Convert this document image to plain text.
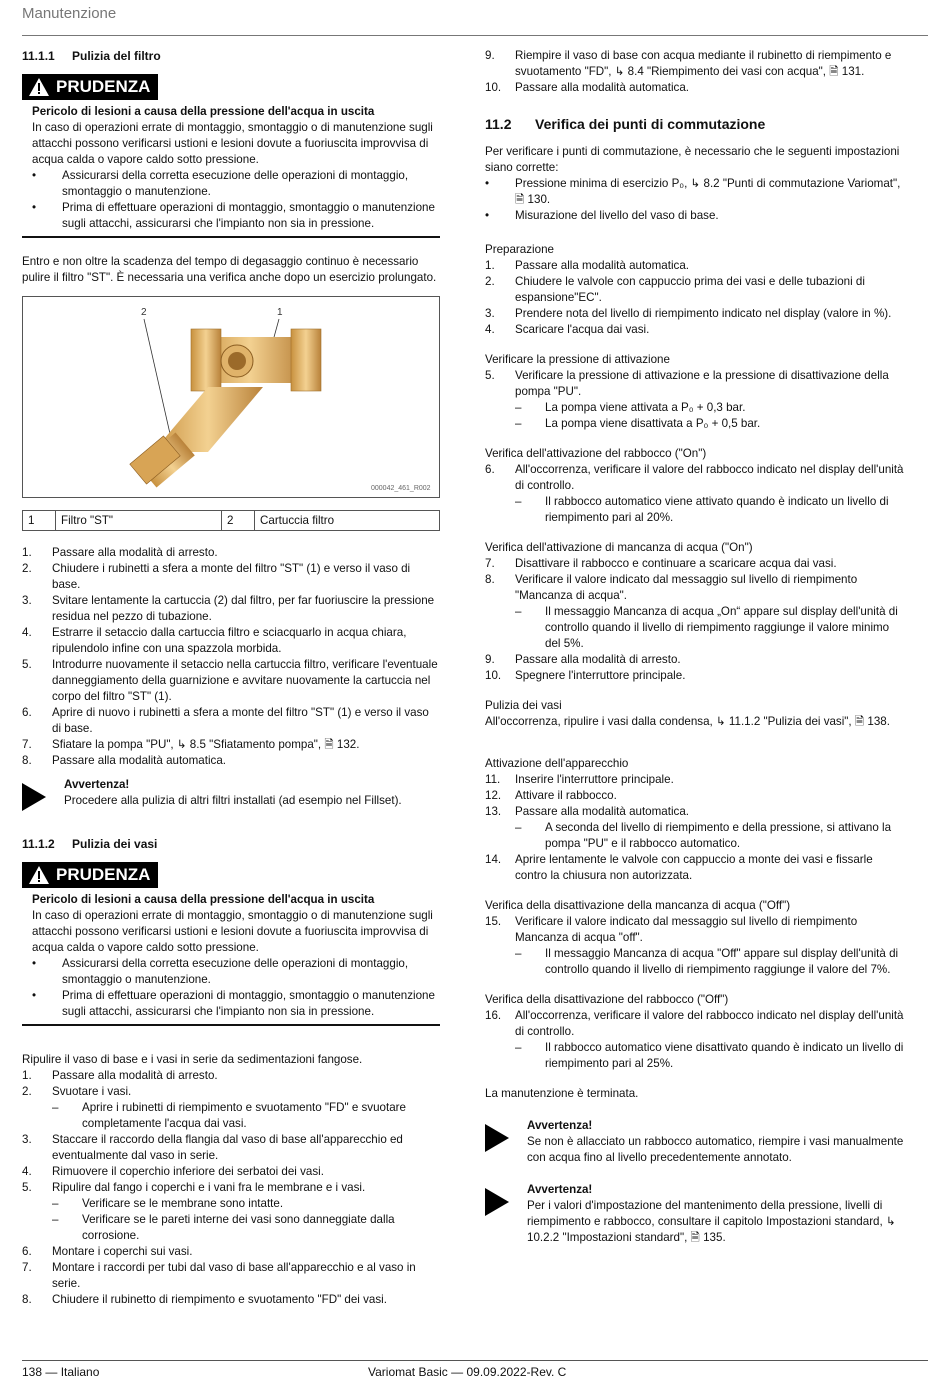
Manutenzione
11.1.1	Pulizia del filtro
PRUDENZA
Pericolo di lesioni a causa della pressione dell'acqua in uscita
In caso di operazioni errate di montaggio, smontaggio o di manutenzione sugli attacchi possono verificarsi ustioni e lesioni dovute a fuoriuscita improvvisa di acqua calda o vapore caldo sotto pressione.
•	Assicurarsi della corretta esecuzione delle operazioni di montaggio, smontaggio o manutenzione.
•	Prima di effettuare operazioni di montaggio, smontaggio o manutenzione sugli attacchi, assicurarsi che l'impianto non sia in pressione.

Entro e non oltre la scadenza del tempo di degasaggio continuo è necessario pulire il filtro "ST". È necessaria una verifica anche dopo un esercizio prolungato.

2	1
000042_461_R002
1	Filtro "ST"	2	Cartuccia filtro
1.	Passare alla modalità di arresto.
2.	Chiudere i rubinetti a sfera a monte del filtro "ST" (1) e verso il vaso di base.
3.	Svitare lentamente la cartuccia (2) dal filtro, per far fuoriuscire la pressione residua nel pezzo di tubazione.
4.	Estrarre il setaccio dalla cartuccia filtro e sciacquarlo in acqua chiara, ripulendolo infine con una spazzola morbida.
5.	Introdurre nuovamente il setaccio nella cartuccia filtro, verificare l'eventuale danneggiamento della guarnizione e avvitare nuovamente la cartuccia nel corpo del filtro "ST" (1).
6.	Aprire di nuovo i rubinetti a sfera a monte del filtro "ST" (1) e verso il vaso di base.
7.	Sfiatare la pompa "PU", ↳ 8.5 "Sfiatamento pompa", 🗎 132.
8.	Passare alla modalità automatica.
Avvertenza!
Procedere alla pulizia di altri filtri installati (ad esempio nel Fillset).
11.1.2	Pulizia dei vasi
PRUDENZA
Pericolo di lesioni a causa della pressione dell'acqua in uscita
In caso di operazioni errate di montaggio, smontaggio o di manutenzione sugli attacchi possono verificarsi ustioni e lesioni dovute a fuoriuscita improvvisa di acqua calda o vapore caldo sotto pressione.
•	Assicurarsi della corretta esecuzione delle operazioni di montaggio, smontaggio o manutenzione.
•	Prima di effettuare operazioni di montaggio, smontaggio o manutenzione sugli attacchi, assicurarsi che l'impianto non sia in pressione.

Ripulire il vaso di base e i vasi in serie da sedimentazioni fangose.

1.	Passare alla modalità di arresto.
2.	Svuotare i vasi.
–	Aprire i rubinetti di riempimento e svuotamento "FD" e svuotare completamente l'acqua dai vasi.
3.	Staccare il raccordo della flangia dal vaso di base all'apparecchio ed eventualmente dal vaso in serie.
4.	Rimuovere il coperchio inferiore dei serbatoi dei vasi.
5.	Ripulire dal fango i coperchi e i vani fra le membrane e i vasi.
–	Verificare se le membrane sono intatte.
–	Verificare se le pareti interne dei vasi sono danneggiate dalla corrosione.
6.	Montare i coperchi sui vasi.
7.	Montare i raccordi per tubi dal vaso di base all'apparecchio e al vaso in serie.
8.	Chiudere il rubinetto di riempimento e svuotamento "FD" dei vasi.
9.	Riempire il vaso di base con acqua mediante il rubinetto di riempimento e svuotamento "FD", ↳ 8.4 "Riempimento dei vasi con acqua", 🗎 131.
10.	Passare alla modalità automatica.
11.2	Verifica dei punti di commutazione

Per verificare i punti di commutazione, è necessario che le seguenti impostazioni siano corrette:

•	Pressione minima di esercizio P₀, ↳ 8.2 "Punti di commutazione Variomat", 🗎 130.
•	Misurazione del livello del vaso di base.

Preparazione

1.	Passare alla modalità automatica.
2.	Chiudere le valvole con cappuccio prima dei vasi e delle tubazioni di espansione"EC".
3.	Prendere nota del livello di riempimento indicato nel display (valore in %).
4.	Scaricare l'acqua dai vasi.

Verificare la pressione di attivazione

5.	Verificare la pressione di attivazione e la pressione di disattivazione della pompa "PU".
–	La pompa viene attivata a P₀ + 0,3 bar.
–	La pompa viene disattivata a P₀ + 0,5 bar.

Verifica dell'attivazione del rabbocco ("On")

6.	All'occorrenza, verificare il valore del rabbocco indicato nel display dell'unità di controllo.
–	Il rabbocco automatico viene attivato quando è indicato un livello di riempimento pari al 20%.

Verifica dell'attivazione di mancanza di acqua ("On")

7.	Disattivare il rabbocco e continuare a scaricare acqua dai vasi.
8.	Verificare il valore indicato dal messaggio sul livello di riempimento "Mancanza di acqua".
–	Il messaggio Mancanza di acqua „On“ appare sul display dell'unità di controllo quando il livello di riempimento raggiunge il valore minimo del 5%.
9.	Passare alla modalità di arresto.
10.	Spegnere l'interruttore principale.

Pulizia dei vasi

All'occorrenza, ripulire i vasi dalla condensa, ↳ 11.1.2 "Pulizia dei vasi", 🗎 138.

Attivazione dell'apparecchio

11.	Inserire l'interruttore principale.
12.	Attivare il rabbocco.
13.	Passare alla modalità automatica.
–	A seconda del livello di riempimento e della pressione, si attivano la pompa "PU" e il rabbocco automatico.
14.	Aprire lentamente le valvole con cappuccio a monte dei vasi e fissarle contro la chiusura non autorizzata.

Verifica della disattivazione della mancanza di acqua ("Off")

15.	Verificare il valore indicato dal messaggio sul livello di riempimento Mancanza di acqua "off".
–	Il messaggio Mancanza di acqua "Off" appare sul display dell'unità di controllo quando il livello di riempimento raggiunge il valore del 7%.

Verifica della disattivazione del rabbocco ("Off")

16.	All'occorrenza, verificare il valore del rabbocco indicato nel display dell'unità di controllo.
–	Il rabbocco automatico viene disattivato quando è indicato un livello di riempimento pari al 25%.

La manutenzione è terminata.

Avvertenza!
Se non è allacciato un rabbocco automatico, riempire i vasi manualmente con acqua fino al livello precedentemente annotato.
Avvertenza!
Per i valori d'impostazione del mantenimento della pressione, livelli di riempimento e rabbocco, consultare il capitolo Impostazioni standard, ↳ 10.2.2 "Impostazioni standard", 🗎 135.
138 — Italiano	Variomat Basic — 09.09.2022-Rev. C
